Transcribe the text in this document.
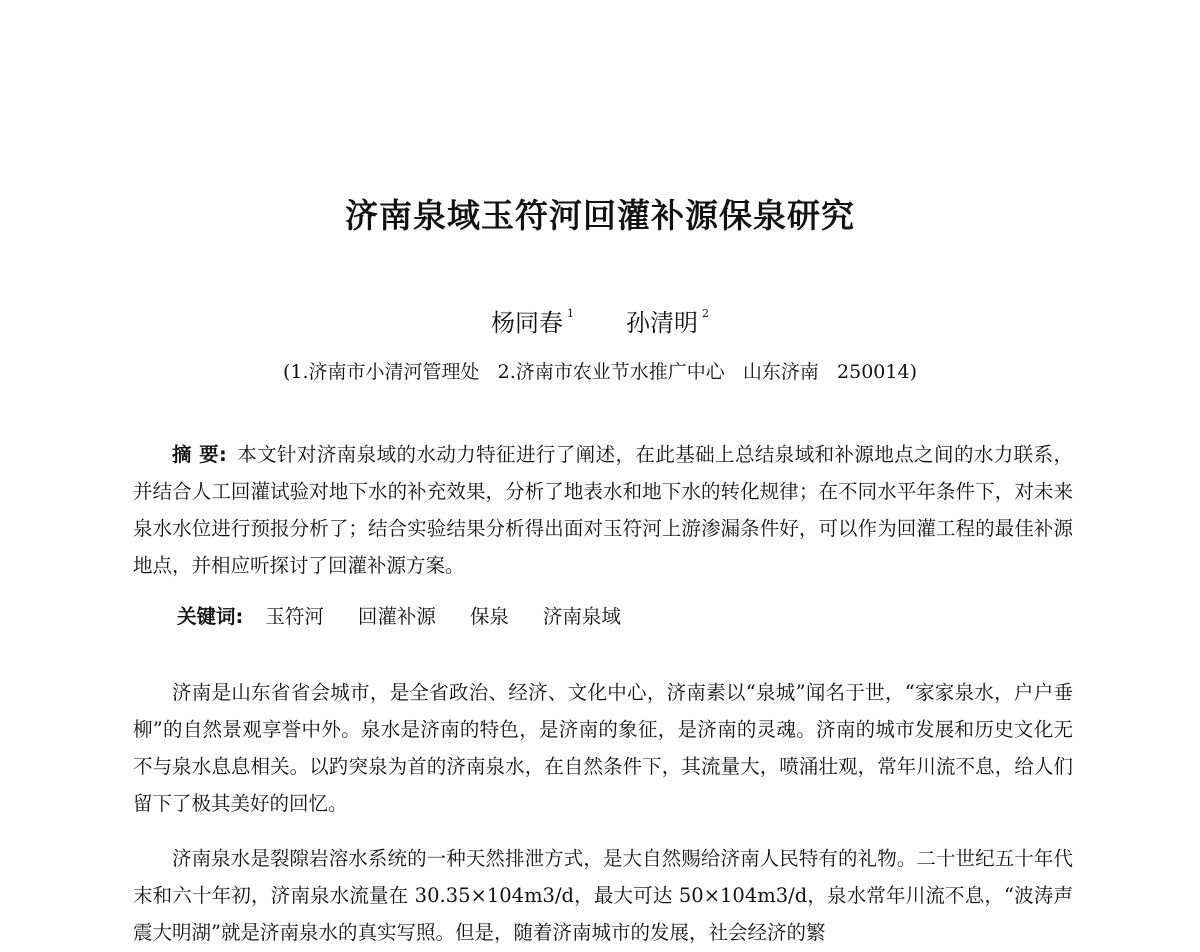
济南泉域玉符河回灌补源保泉研究
杨同春 $^1$ 孙清明 $^2$
(1.济南市小清河管理处   2.济南市农业节水推广中心   山东济南   250014)

摘 要: 本文针对济南泉域的水动力特征进行了阐述，在此基础上总结泉域和补源地点之间的水力联系，并结合人工回灌试验对地下水的补充效果，分析了地表水和地下水的转化规律；在不同水平年条件下，对未来泉水水位进行预报分析了；结合实验结果分析得出面对玉符河上游渗漏条件好，可以作为回灌工程的最佳补源地点，并相应听探讨了回灌补源方案。

关键词: 玉符河 回灌补源 保泉 济南泉域

济南是山东省省会城市，是全省政治、经济、文化中心，济南素以“泉城”闻名于世，“家家泉水，户户垂柳”的自然景观享誉中外。泉水是济南的特色，是济南的象征，是济南的灵魂。济南的城市发展和历史文化无不与泉水息息相关。以趵突泉为首的济南泉水，在自然条件下，其流量大，喷涌壮观，常年川流不息，给人们留下了极其美好的回忆。

济南泉水是裂隙岩溶水系统的一种天然排泄方式，是大自然赐给济南人民特有的礼物。二十世纪五十年代末和六十年初，济南泉水流量在 30.35×104m3/d，最大可达 50×104m3/d，泉水常年川流不息，“波涛声震大明湖”就是济南泉水的真实写照。但是，随着济南城市的发展，社会经济的繁
